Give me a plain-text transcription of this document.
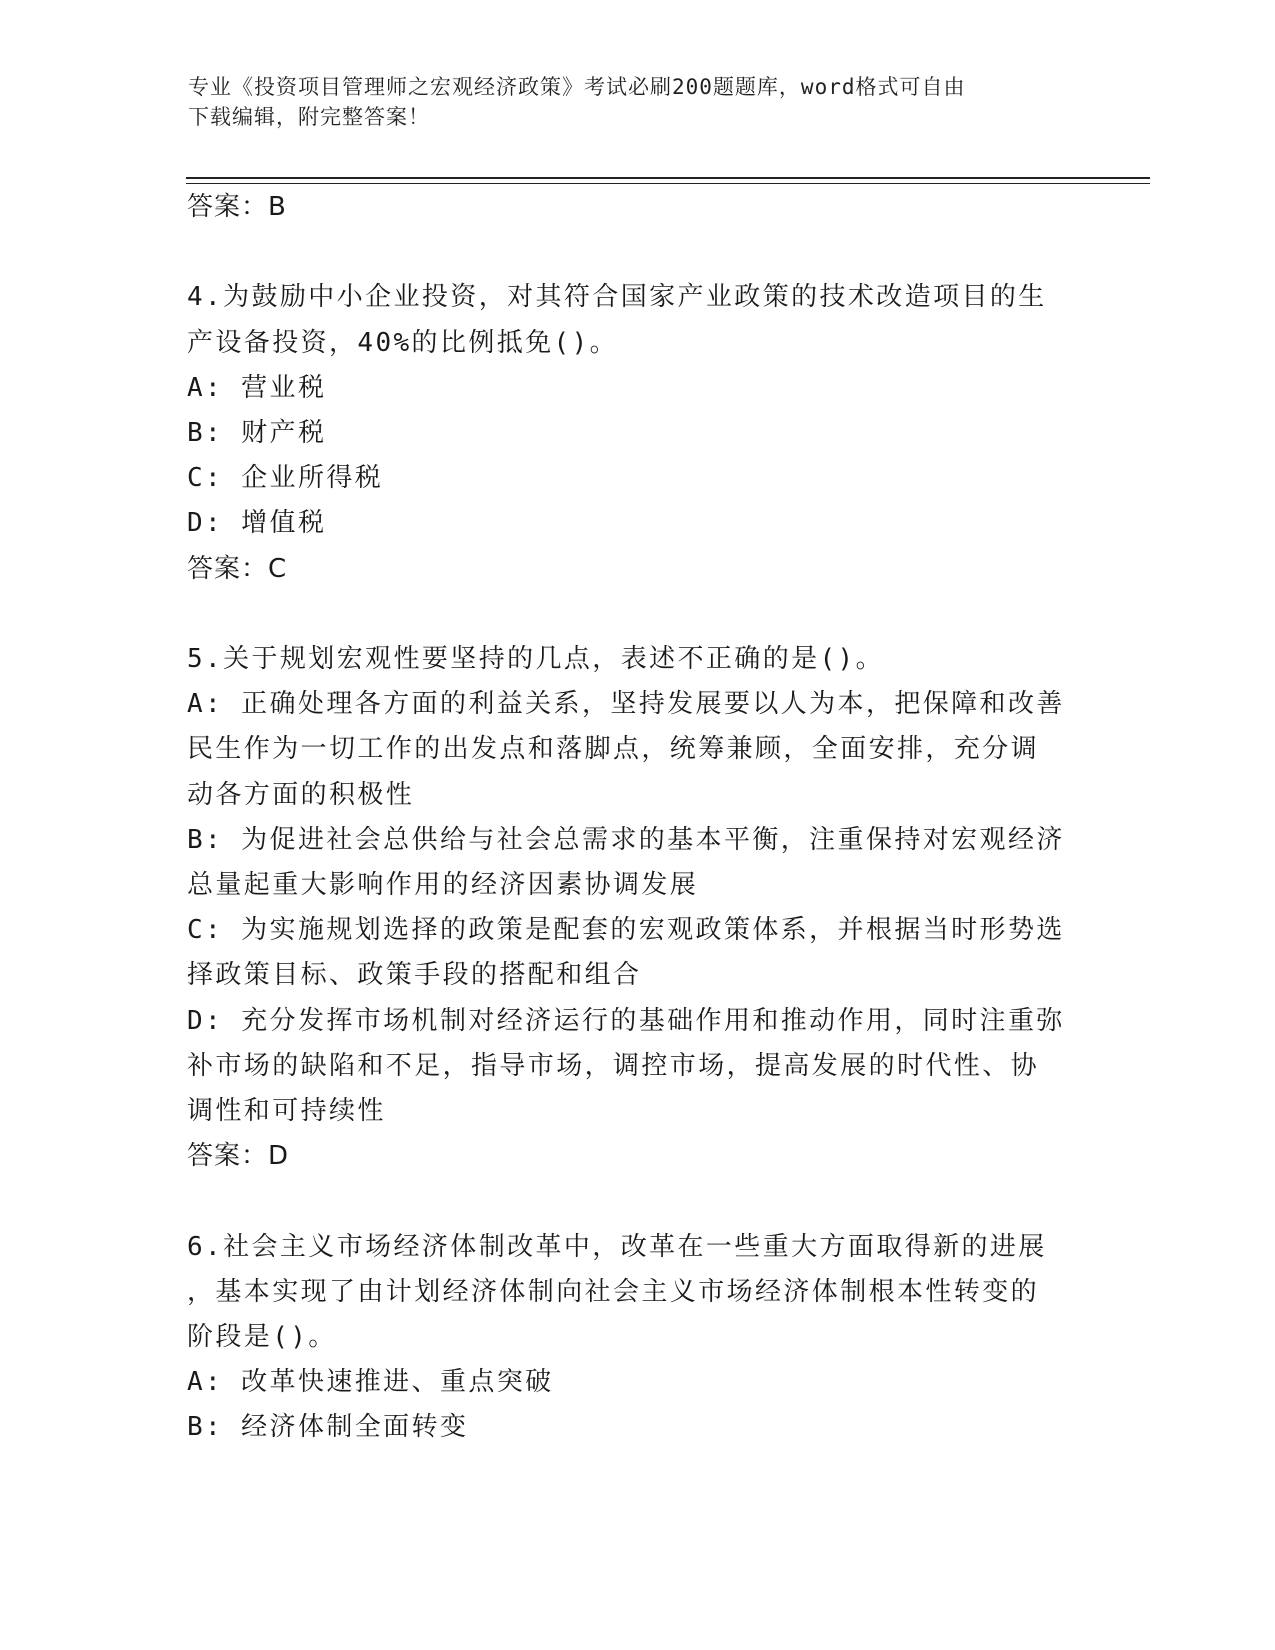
专业《投资项目管理师之宏观经济政策》考试必刷200题题库，word格式可自由
下载编辑，附完整答案！
答案：B
4.为鼓励中小企业投资，对其符合国家产业政策的技术改造项目的生
产设备投资，40%的比例抵免()。
A: 营业税
B: 财产税
C: 企业所得税
D: 增值税
答案：C
5.关于规划宏观性要坚持的几点，表述不正确的是()。
A: 正确处理各方面的利益关系，坚持发展要以人为本，把保障和改善
民生作为一切工作的出发点和落脚点，统筹兼顾，全面安排，充分调
动各方面的积极性
B: 为促进社会总供给与社会总需求的基本平衡，注重保持对宏观经济
总量起重大影响作用的经济因素协调发展
C: 为实施规划选择的政策是配套的宏观政策体系，并根据当时形势选
择政策目标、政策手段的搭配和组合
D: 充分发挥市场机制对经济运行的基础作用和推动作用，同时注重弥
补市场的缺陷和不足，指导市场，调控市场，提高发展的时代性、协
调性和可持续性
答案：D
6.社会主义市场经济体制改革中，改革在一些重大方面取得新的进展
，基本实现了由计划经济体制向社会主义市场经济体制根本性转变的
阶段是()。
A: 改革快速推进、重点突破
B: 经济体制全面转变
